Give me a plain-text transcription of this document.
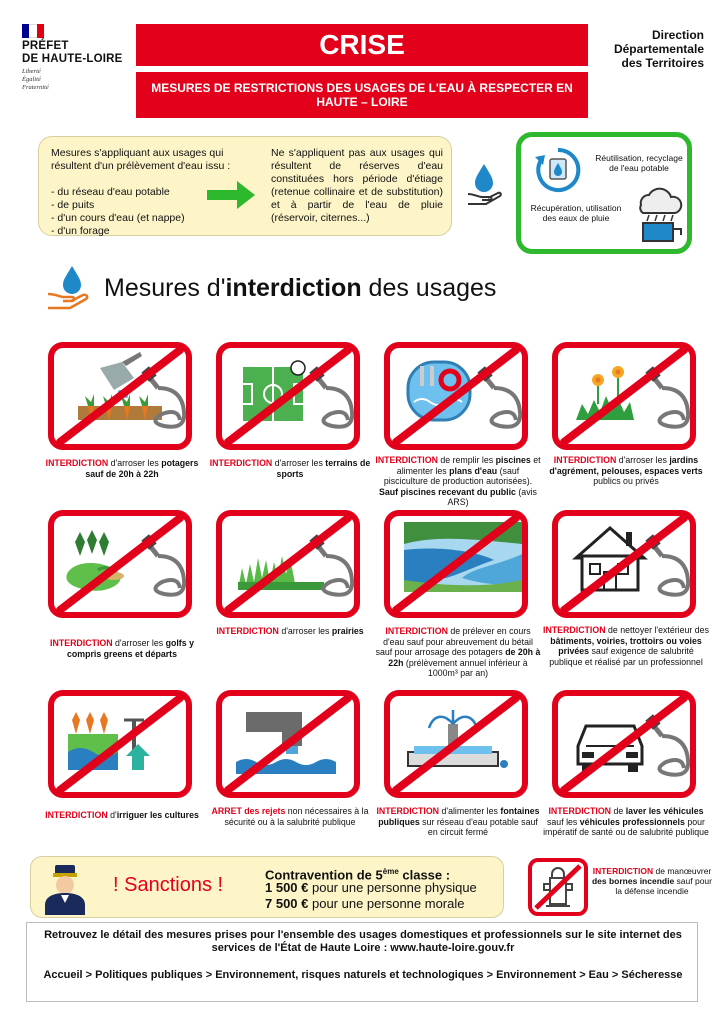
PRÉFET
DE HAUTE-LOIRE
Liberté
Égalité
Fraternité
CRISE
MESURES DE RESTRICTIONS DES USAGES DE L'EAU À RESPECTER EN HAUTE – LOIRE
Direction
Départementale
des Territoires
Mesures s'appliquant aux usages qui résultent d'un prélèvement d'eau issu :

- du réseau d'eau potable
- de puits
- d'un cours d'eau (et nappe)
- d'un forage
Ne s'appliquent pas aux usages qui résultent de réserves d'eau constituées hors période d'étiage (retenue collinaire et de substitution) et à partir de l'eau de pluie (réservoir, citernes...)
Réutilisation, recyclage de l'eau potable
Récupération, utilisation des eaux de pluie
Mesures d'interdiction des usages
INTERDICTION d'arroser les potagers sauf de 20h à 22h
INTERDICTION d'arroser les terrains de sports
INTERDICTION de remplir les piscines et alimenter les plans d'eau (sauf pisciculture de production autorisées). Sauf piscines recevant du public (avis ARS)
INTERDICTION d'arroser les jardins d'agrément, pelouses, espaces verts publics ou privés
INTERDICTION d'arroser les golfs y compris greens et départs
INTERDICTION d'arroser les prairies	INTERDICTION de prélever en cours d'eau sauf pour abreuvement du bétail sauf pour arrosage des potagers de 20h à 22h (prélèvement annuel inférieur à 1000m³ par an)
INTERDICTION de nettoyer l'extérieur des bâtiments, voiries, trottoirs ou voies privées sauf exigence de salubrité publique et réalisé par un professionnel
INTERDICTION d'irriguer les cultures	ARRET des rejets non nécessaires à la sécurité ou à la salubrité publique
INTERDICTION d'alimenter les fontaines publiques sur réseau d'eau potable sauf en circuit fermé
INTERDICTION de laver les véhicules sauf les véhicules professionnels pour impératif de santé ou de salubrité publique
! Sanctions !	Contravention de 5ème classe :
1 500 € pour une personne physique
7 500 € pour une personne morale
INTERDICTION de manœuvrer des bornes incendie sauf pour la défense incendie
Retrouvez le détail des mesures prises pour l'ensemble des usages domestiques et professionnels sur le site internet des services de l'État de Haute Loire : www.haute-loire.gouv.fr
Accueil > Politiques publiques > Environnement, risques naturels et technologiques > Environnement > Eau > Sécheresse
